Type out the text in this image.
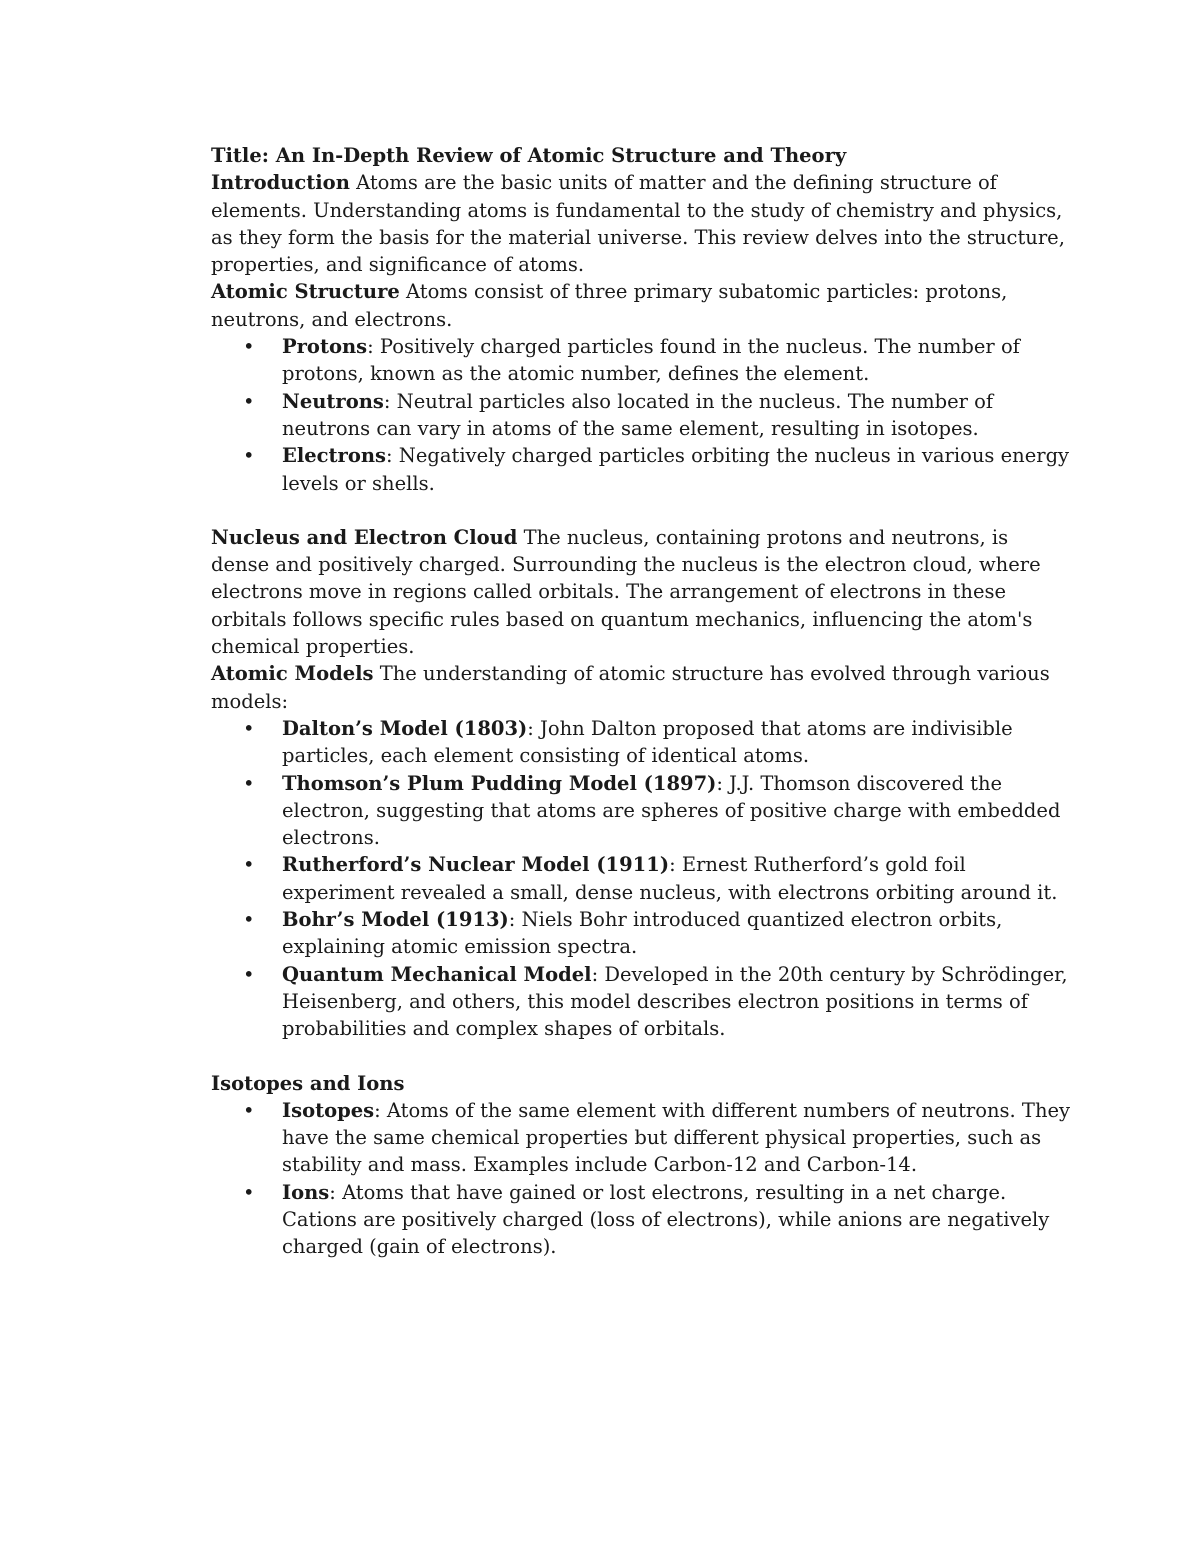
Title: An In-Depth Review of Atomic Structure and Theory

Introduction Atoms are the basic units of matter and the defining structure of elements. Understanding atoms is fundamental to the study of chemistry and physics, as they form the basis for the material universe. This review delves into the structure, properties, and significance of atoms.

Atomic Structure Atoms consist of three primary subatomic particles: protons, neutrons, and electrons.

• Protons: Positively charged particles found in the nucleus. The number of protons, known as the atomic number, defines the element.
• Neutrons: Neutral particles also located in the nucleus. The number of neutrons can vary in atoms of the same element, resulting in isotopes.
• Electrons: Negatively charged particles orbiting the nucleus in various energy levels or shells.

Nucleus and Electron Cloud The nucleus, containing protons and neutrons, is dense and positively charged. Surrounding the nucleus is the electron cloud, where electrons move in regions called orbitals. The arrangement of electrons in these orbitals follows specific rules based on quantum mechanics, influencing the atom's chemical properties.

Atomic Models The understanding of atomic structure has evolved through various models:

• Dalton’s Model (1803): John Dalton proposed that atoms are indivisible particles, each element consisting of identical atoms.
• Thomson’s Plum Pudding Model (1897): J.J. Thomson discovered the electron, suggesting that atoms are spheres of positive charge with embedded electrons.
• Rutherford’s Nuclear Model (1911): Ernest Rutherford’s gold foil experiment revealed a small, dense nucleus, with electrons orbiting around it.
• Bohr’s Model (1913): Niels Bohr introduced quantized electron orbits, explaining atomic emission spectra.
• Quantum Mechanical Model: Developed in the 20th century by Schrödinger, Heisenberg, and others, this model describes electron positions in terms of probabilities and complex shapes of orbitals.

Isotopes and Ions

• Isotopes: Atoms of the same element with different numbers of neutrons. They have the same chemical properties but different physical properties, such as stability and mass. Examples include Carbon-12 and Carbon-14.
• Ions: Atoms that have gained or lost electrons, resulting in a net charge. Cations are positively charged (loss of electrons), while anions are negatively charged (gain of electrons).
